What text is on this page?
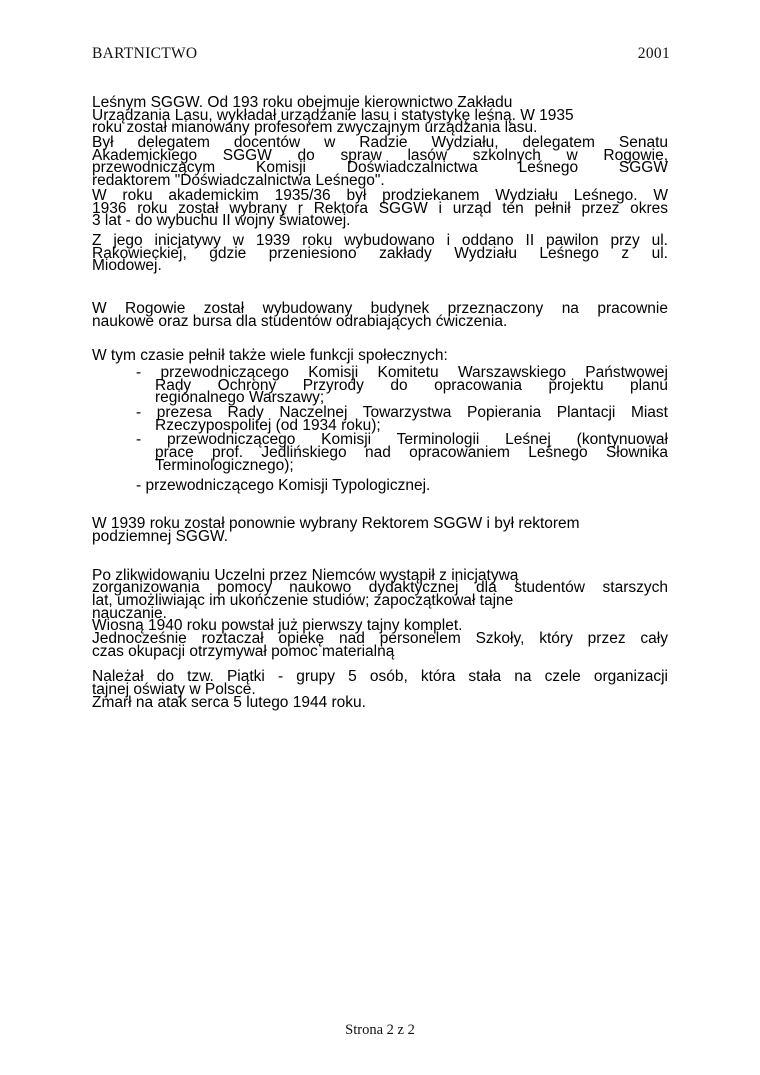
BARTNICTWO	2001
Leśnym SGGW. Od 193 roku obejmuje kierownictwo Zakładu
Urządzania Lasu, wykładał urządzanie lasu i statystykę leśną. W 1935
roku został mianowany profesorem zwyczajnym urządzania lasu.
Był delegatem docentów w Radzie Wydziału, delegatem Senatu
Akademickiego SGGW do spraw lasów szkolnych w Rogowie,
przewodniczącym Komisji Doświadczalnictwa Leśnego SGGW
redaktorem "Doświadczalnictwa Leśnego".
W roku akademickim 1935/36 był prodziekanem Wydziału Leśnego. W
1936 roku został wybrany r Rektora SGGW i urząd ten pełnił przez okres
3 lat - do wybuchu II wojny światowej.
Z jego inicjatywy w 1939 roku wybudowano i oddano II pawilon przy ul.
Rakowieckiej, gdzie przeniesiono zakłady Wydziału Leśnego z ul.
Miodowej.
W Rogowie został wybudowany budynek przeznaczony na pracownie
naukowe oraz bursa dla studentów odrabiających ćwiczenia.
W tym czasie pełnił także wiele funkcji społecznych:
- przewodniczącego Komisji Komitetu Warszawskiego Państwowej
Rady Ochrony Przyrody do opracowania projektu planu
regionalnego Warszawy;
- prezesa Rady Naczelnej Towarzystwa Popierania Plantacji Miast
Rzeczypospolitej (od 1934 roku);
- przewodniczącego Komisji Terminologii Leśnej (kontynuował
prace prof. Jedlińskiego nad opracowaniem Leśnego Słownika
Terminologicznego);
- przewodniczącego Komisji Typologicznej.
W 1939 roku został ponownie wybrany Rektorem SGGW i był rektorem
podziemnej SGGW.
Po zlikwidowaniu Uczelni przez Niemców wystąpił z inicjatywą
zorganizowania pomocy naukowo dydaktycznej dla studentów starszych
lat, umożliwiając im ukończenie studiów; zapoczątkował tajne
nauczanie.
Wiosną 1940 roku powstał już pierwszy tajny komplet.
Jednocześnie roztaczał opiekę nad personelem Szkoły, który przez cały
czas okupacji otrzymywał pomoc materialną
Należał do tzw. Piątki - grupy 5 osób, która stała na czele organizacji
tajnej oświaty w Polsce.
Zmarł na atak serca 5 lutego 1944 roku.
Strona 2 z 2
